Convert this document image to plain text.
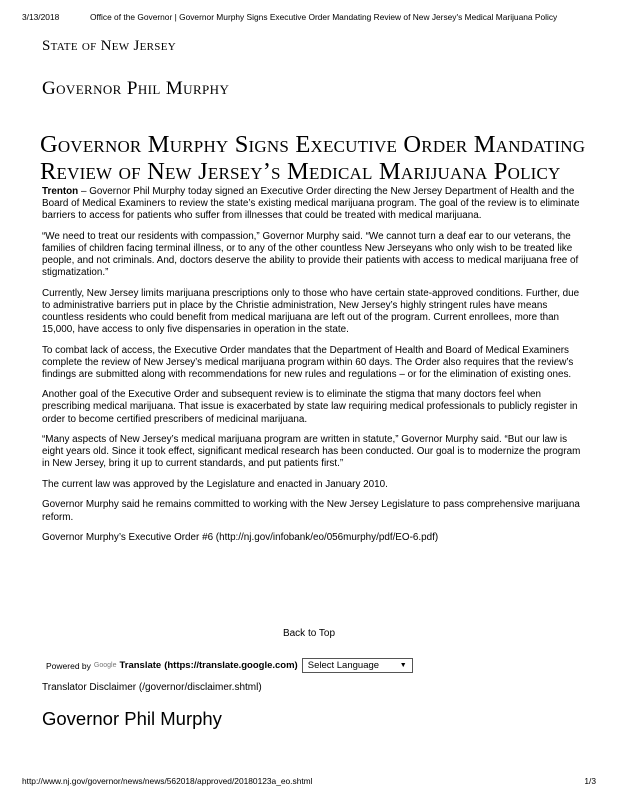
3/13/2018	Office of the Governor | Governor Murphy Signs Executive Order Mandating Review of New Jersey's Medical Marijuana Policy
State of New Jersey
Governor Phil Murphy
Governor Murphy Signs Executive Order Mandating
Review of New Jersey’s Medical Marijuana Policy

Trenton – Governor Phil Murphy today signed an Executive Order directing the New Jersey Department of Health and the Board of Medical Examiners to review the state’s existing medical marijuana program. The goal of the review is to eliminate barriers to access for patients who suffer from illnesses that could be treated with medical marijuana.

“We need to treat our residents with compassion,” Governor Murphy said. “We cannot turn a deaf ear to our veterans, the families of children facing terminal illness, or to any of the other countless New Jerseyans who only wish to be treated like people, and not criminals. And, doctors deserve the ability to provide their patients with access to medical marijuana free of stigmatization.”

Currently, New Jersey limits marijuana prescriptions only to those who have certain state-approved conditions. Further, due to administrative barriers put in place by the Christie administration, New Jersey’s highly stringent rules have means countless residents who could benefit from medical marijuana are left out of the program. Current enrollees, more than 15,000, have access to only five dispensaries in operation in the state.

To combat lack of access, the Executive Order mandates that the Department of Health and Board of Medical Examiners complete the review of New Jersey’s medical marijuana program within 60 days. The Order also requires that the review’s findings are submitted along with recommendations for new rules and regulations – or for the elimination of existing ones.

Another goal of the Executive Order and subsequent review is to eliminate the stigma that many doctors feel when prescribing medical marijuana. That issue is exacerbated by state law requiring medical professionals to publicly register in order to become certified prescribers of medicinal marijuana.

“Many aspects of New Jersey’s medical marijuana program are written in statute,” Governor Murphy said. “But our law is eight years old. Since it took effect, significant medical research has been conducted. Our goal is to modernize the program in New Jersey, bring it up to current standards, and put patients first.”

The current law was approved by the Legislature and enacted in January 2010.

Governor Murphy said he remains committed to working with the New Jersey Legislature to pass comprehensive marijuana reform.

Governor Murphy’s Executive Order #6 (http://nj.gov/infobank/eo/056murphy/pdf/EO-6.pdf)

Back to Top
Powered by Google Translate (https://translate.google.com) Select Language	▼
Translator Disclaimer (/governor/disclaimer.shtml)
Governor Phil Murphy
http://www.nj.gov/governor/news/news/562018/approved/20180123a_eo.shtml	1/3
